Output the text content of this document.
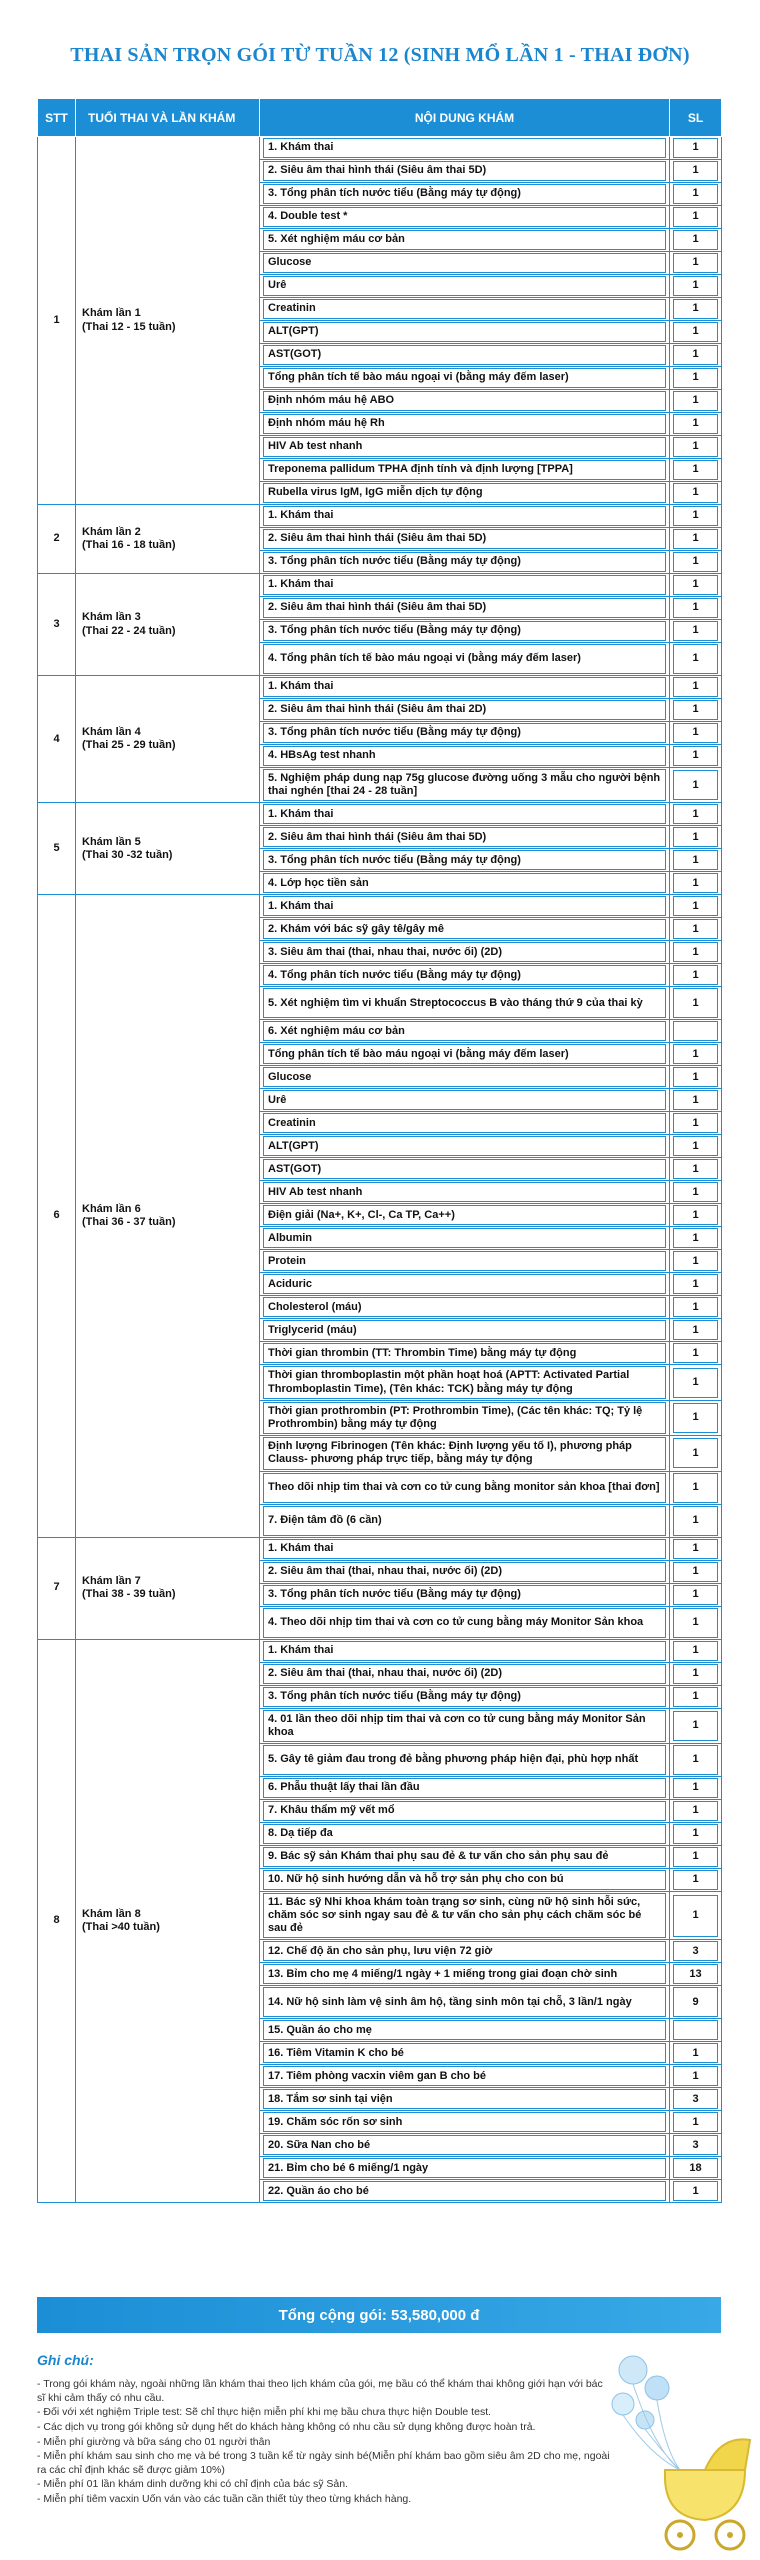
THAI SẢN TRỌN GÓI TỪ TUẦN 12 (SINH MỔ LẦN 1 - THAI ĐƠN)
STT	TUỔI THAI VÀ LẦN KHÁM	NỘI DUNG KHÁM	SL
1	Khám lần 1
(Thai 12 - 15 tuần)	1. Khám thai	1

2. Siêu âm thai hình thái (Siêu âm thai 5D)	1

3. Tổng phân tích nước tiểu (Bằng máy tự động)	1

4. Double test *	1

5. Xét nghiệm máu cơ bản	1

Glucose	1

Urê	1

Creatinin	1

ALT(GPT)	1

AST(GOT)	1

Tổng phân tích tế bào máu ngoại vi (bằng máy đếm laser)	1

Định nhóm máu hệ ABO	1

Định nhóm máu hệ Rh	1

HIV Ab test nhanh	1

Treponema pallidum TPHA định tính và định lượng [TPPA]	1

Rubella virus IgM, IgG miễn dịch tự động	1

2	Khám lần 2
(Thai 16 - 18 tuần)	1. Khám thai	1

2. Siêu âm thai hình thái (Siêu âm thai 5D)	1

3. Tổng phân tích nước tiểu (Bằng máy tự động)	1

3	Khám lần 3
(Thai 22 - 24 tuần)	1. Khám thai	1

2. Siêu âm thai hình thái (Siêu âm thai 5D)	1

3. Tổng phân tích nước tiểu (Bằng máy tự động)	1

4. Tổng phân tích tế bào máu ngoại vi (bằng máy đếm laser)	1

4	Khám lần 4
(Thai 25 - 29 tuần)	1. Khám thai	1

2. Siêu âm thai hình thái (Siêu âm thai 2D)	1

3. Tổng phân tích nước tiểu (Bằng máy tự động)	1

4. HBsAg test nhanh	1

5. Nghiệm pháp dung nạp 75g glucose đường uống 3 mẫu cho người bệnh thai nghén [thai 24 - 28 tuần]	1

5	Khám lần 5
(Thai 30 -32 tuần)	1. Khám thai	1

2. Siêu âm thai hình thái (Siêu âm thai 5D)	1

3. Tổng phân tích nước tiểu (Bằng máy tự động)	1

4. Lớp học tiền sản	1

6	Khám lần 6
(Thai 36 - 37 tuần)	1. Khám thai	1

2. Khám với bác sỹ gây tê/gây mê	1

3. Siêu âm thai (thai, nhau thai, nước ối) (2D)	1

4. Tổng phân tích nước tiểu (Bằng máy tự động)	1

5. Xét nghiệm tìm vi khuẩn Streptococcus B vào tháng thứ 9 của thai kỳ	1

6. Xét nghiệm máu cơ bản	

Tổng phân tích tế bào máu ngoại vi (bằng máy đếm laser)	1

Glucose	1

Urê	1

Creatinin	1

ALT(GPT)	1

AST(GOT)	1

HIV Ab test nhanh	1

Điện giải (Na+, K+, Cl-, Ca TP, Ca++)	1

Albumin	1

Protein	1

Aciduric	1

Cholesterol (máu)	1

Triglycerid (máu)	1

Thời gian thrombin (TT: Thrombin Time) bằng máy tự động	1

Thời gian thromboplastin một phần hoạt hoá (APTT: Activated Partial Thromboplastin Time), (Tên khác: TCK) bằng máy tự động	1

Thời gian prothrombin (PT: Prothrombin Time), (Các tên khác: TQ; Tỷ lệ Prothrombin) bằng máy tự động	1

Định lượng Fibrinogen (Tên khác: Định lượng yếu tố I), phương pháp Clauss- phương pháp trực tiếp, bằng máy tự động	1

Theo dõi nhịp tim thai và cơn co tử cung bằng monitor sản khoa [thai đơn]	1

7. Điện tâm đồ (6 cần)	1

7	Khám lần 7
(Thai 38 - 39 tuần)	1. Khám thai	1

2. Siêu âm thai (thai, nhau thai, nước ối) (2D)	1

3. Tổng phân tích nước tiểu (Bằng máy tự động)	1

4. Theo dõi nhịp tim thai và cơn co tử cung bằng máy Monitor Sản khoa	1

8	Khám lần 8
(Thai >40 tuần)	1. Khám thai	1

2. Siêu âm thai (thai, nhau thai, nước ối) (2D)	1

3. Tổng phân tích nước tiểu (Bằng máy tự động)	1

4. 01 lần theo dõi nhịp tim thai và cơn co tử cung bằng máy Monitor Sản khoa	1

5. Gây tê giảm đau trong đẻ bằng phương pháp hiện đại, phù hợp nhất	1

6. Phẫu thuật lấy thai lần đầu	1

7. Khâu thẩm mỹ vết mổ	1

8. Dạ tiếp đa	1

9. Bác sỹ sản Khám thai phụ sau đẻ & tư vấn cho sản phụ sau đẻ	1

10. Nữ hộ sinh hướng dẫn và hỗ trợ sản phụ cho con bú	1

11. Bác sỹ Nhi khoa khám toàn trạng sơ sinh, cùng nữ hộ sinh hỗi sức, chăm sóc sơ sinh ngay sau đẻ & tư vấn cho sản phụ cách chăm sóc bé sau đẻ	1

12. Chế độ ăn cho sản phụ, lưu viện 72 giờ	3

13. Bỉm cho mẹ 4 miếng/1 ngày + 1 miếng trong giai đoạn chờ sinh	13

14. Nữ hộ sinh làm vệ sinh âm hộ, tầng sinh môn tại chỗ, 3 lần/1 ngày	9

15. Quần áo cho mẹ	

16. Tiêm Vitamin K cho bé	1

17. Tiêm phòng vacxin viêm gan B cho bé	1

18. Tắm sơ sinh tại viện	3

19. Chăm sóc rốn sơ sinh	1

20. Sữa Nan cho bé	3

21. Bỉm cho bé 6 miếng/1 ngày	18

22. Quần áo cho bé	1
Tổng cộng gói: 53,580,000 đ
Ghi chú:

- Trong gói khám này, ngoài những lần khám thai theo lịch khám của gói, mẹ bầu có thể khám thai không giới hạn với bác sĩ khi cảm thấy có nhu cầu.

- Đối với xét nghiệm Triple test: Sẽ chỉ thực hiện miễn phí khi mẹ bầu chưa thực hiện Double test.

- Các dịch vụ trong gói không sử dụng hết do khách hàng không có nhu cầu sử dụng không được hoàn trả.

- Miễn phí giường và bữa sáng cho 01 người thân

- Miễn phí khám sau sinh cho mẹ và bé trong 3 tuần kể từ ngày sinh bé(Miễn phí khám bao gồm siêu âm 2D cho mẹ, ngoài ra các chỉ định khác sẽ được giảm 10%)

- Miễn phí 01 lần khám dinh dưỡng khi có chỉ định của bác sỹ Sản.

- Miễn phí tiêm vacxin Uốn ván vào các tuần cần thiết tùy theo từng khách hàng.
